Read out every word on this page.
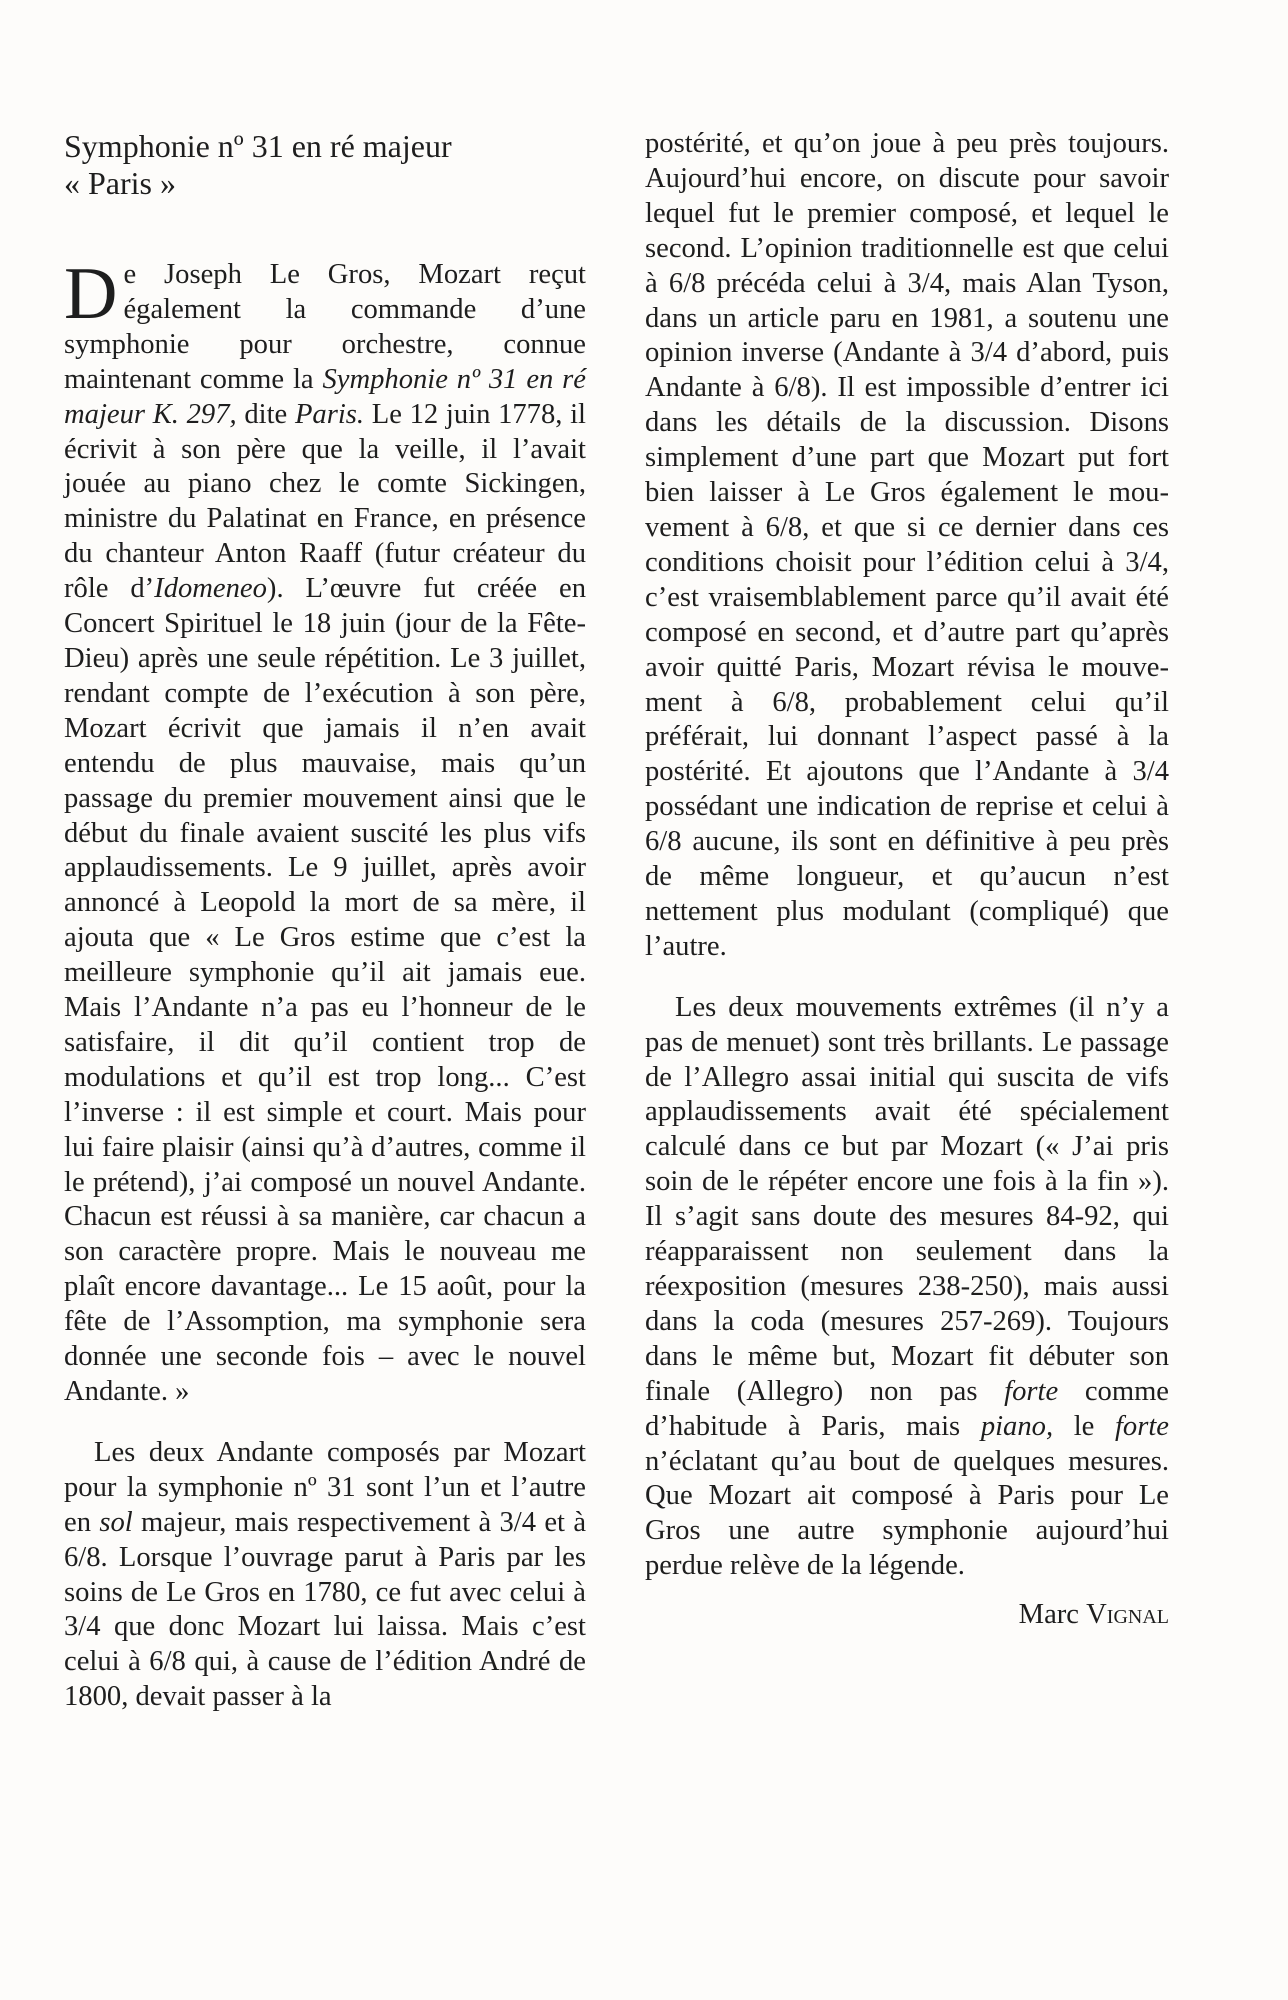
Symphonie nº 31 en ré majeur
« Paris »

De Joseph Le Gros, Mozart reçut également la commande d’une symphonie pour orchestre, connue maintenant comme la Symphonie nº 31 en ré majeur K. 297, dite Paris. Le 12 juin 1778, il écrivit à son père que la veille, il l’avait jouée au piano chez le comte Sickingen, ministre du Palatinat en France, en présence du chanteur Anton Raaff (futur créateur du rôle d’Idomeneo). L’œuvre fut créée en Concert Spirituel le 18 juin (jour de la Fête-Dieu) après une seule répétition. Le 3 juillet, rendant compte de l’exécution à son père, Mozart écrivit que jamais il n’en avait entendu de plus mauvaise, mais qu’un passage du premier mouvement ainsi que le début du finale avaient suscité les plus vifs applaudissements. Le 9 juillet, après avoir annoncé à Leopold la mort de sa mère, il ajouta que « Le Gros estime que c’est la meilleure symphonie qu’il ait jamais eue. Mais l’Andante n’a pas eu l’honneur de le satisfaire, il dit qu’il contient trop de modulations et qu’il est trop long... C’est l’inverse : il est simple et court. Mais pour lui faire plaisir (ainsi qu’à d’autres, comme il le prétend), j’ai composé un nouvel Andante. Chacun est réussi à sa manière, car chacun a son caractère propre. Mais le nouveau me plaît encore davantage... Le 15 août, pour la fête de l’Assomption, ma symphonie sera donnée une seconde fois – avec le nouvel Andante. »

Les deux Andante composés par Mozart pour la symphonie nº 31 sont l’un et l’autre en sol majeur, mais respectivement à 3/4 et à 6/8. Lorsque l’ouvrage parut à Paris par les soins de Le Gros en 1780, ce fut avec celui à 3/4 que donc Mozart lui laissa. Mais c’est celui à 6/8 qui, à cause de l’édition André de 1800, devait passer à la

postérité, et qu’on joue à peu près toujours. Aujourd’hui encore, on discute pour savoir lequel fut le premier composé, et lequel le second. L’opinion traditionnelle est que celui à 6/8 précéda celui à 3/4, mais Alan Tyson, dans un article paru en 1981, a soutenu une opinion inverse (Andante à 3/4 d’abord, puis Andante à 6/8). Il est impossible d’entrer ici dans les détails de la discussion. Disons simplement d’une part que Mozart put fort bien laisser à Le Gros également le mouvement à 6/8, et que si ce dernier dans ces conditions choisit pour l’édition celui à 3/4, c’est vraisemblablement parce qu’il avait été composé en second, et d’autre part qu’après avoir quitté Paris, Mozart révisa le mouvement à 6/8, probablement celui qu’il préférait, lui donnant l’aspect passé à la postérité. Et ajoutons que l’Andante à 3/4 possédant une indication de reprise et celui à 6/8 aucune, ils sont en définitive à peu près de même longueur, et qu’aucun n’est nettement plus modulant (compliqué) que l’autre.

Les deux mouvements extrêmes (il n’y a pas de menuet) sont très brillants. Le passage de l’Allegro assai initial qui suscita de vifs applaudissements avait été spécialement calculé dans ce but par Mozart (« J’ai pris soin de le répéter encore une fois à la fin »). Il s’agit sans doute des mesures 84-92, qui réapparaissent non seulement dans la réexposition (mesures 238-250), mais aussi dans la coda (mesures 257-269). Toujours dans le même but, Mozart fit débuter son finale (Allegro) non pas forte comme d’habitude à Paris, mais piano, le forte n’éclatant qu’au bout de quelques mesures. Que Mozart ait composé à Paris pour Le Gros une autre symphonie aujourd’hui perdue relève de la légende.

Marc Vignal
